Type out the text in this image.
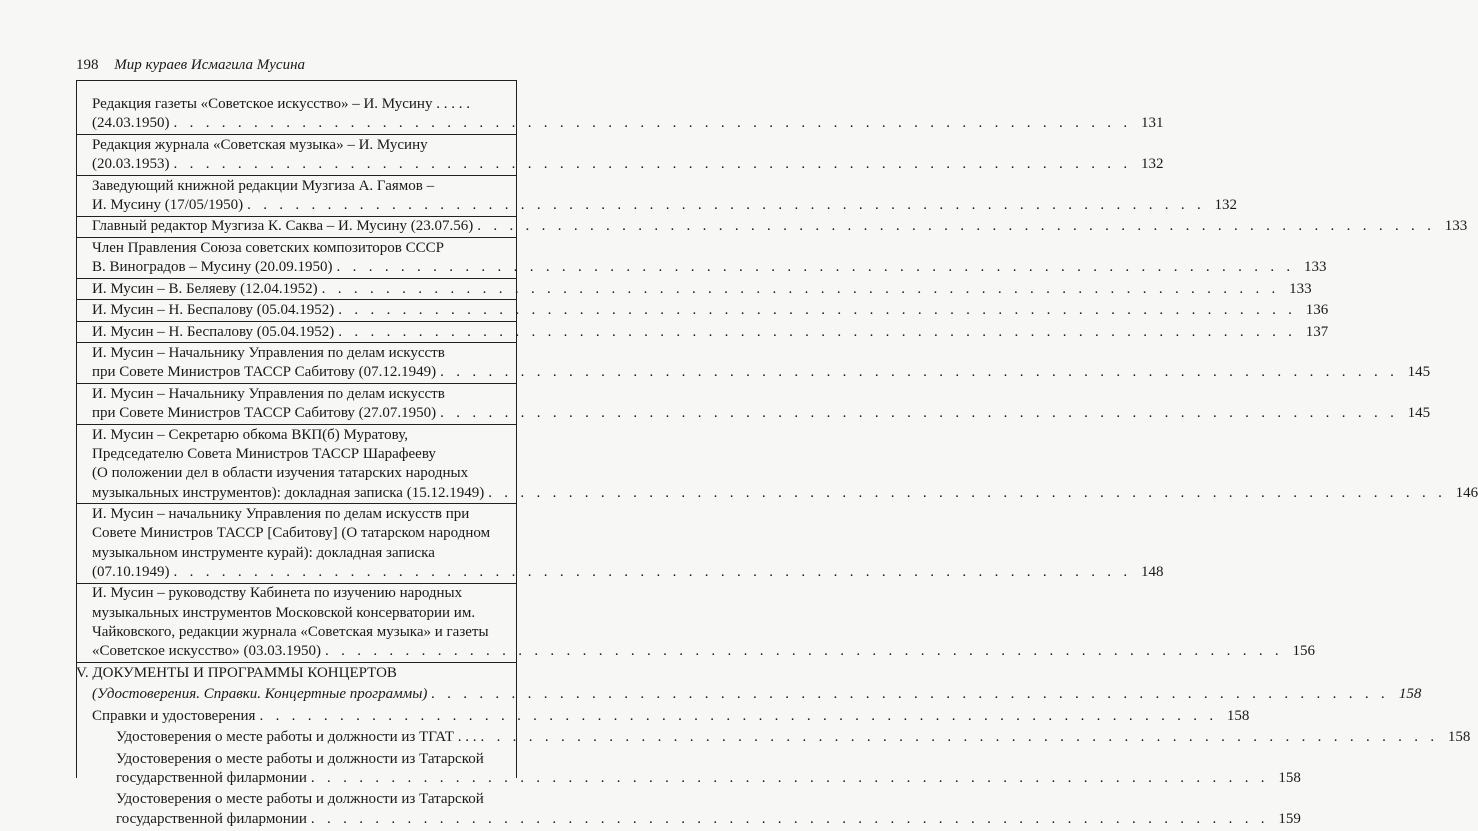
198 Мир кураев Исмагила Мусина
Редакция газеты «Советское искусство» – И. Мусину . . . . .
(24.03.1950) . . . . . . . . . . . . . . . . . . . . . . . . . . . . . . . . . . . . . . . . . . . . . . . . . . . . . . . . . . . . 131
Редакция журнала «Советская музыка» – И. Мусину
(20.03.1953) . . . . . . . . . . . . . . . . . . . . . . . . . . . . . . . . . . . . . . . . . . . . . . . . . . . . . . . . . . . . 132
Заведующий книжной редакции Музгиза А. Гаямов –
И. Мусину (17/05/1950) . . . . . . . . . . . . . . . . . . . . . . . . . . . . . . . . . . . . . . . . . . . . . . . . . . . . . . . . . . . . 132
Главный редактор Музгиза К. Саква – И. Мусину (23.07.56) . . . . . . . . . . . . . . . . . . . . . . . . . . . . . . . . . . . . . . . . . . . . . . . . . . . . . . . . . . . . 133
Член Правления Союза советских композиторов СССР
В. Виноградов – Мусину (20.09.1950) . . . . . . . . . . . . . . . . . . . . . . . . . . . . . . . . . . . . . . . . . . . . . . . . . . . . . . . . . . . . 133
И. Мусин – В. Беляеву (12.04.1952) . . . . . . . . . . . . . . . . . . . . . . . . . . . . . . . . . . . . . . . . . . . . . . . . . . . . . . . . . . . . 133
И. Мусин – Н. Беспалову (05.04.1952) . . . . . . . . . . . . . . . . . . . . . . . . . . . . . . . . . . . . . . . . . . . . . . . . . . . . . . . . . . . . 136
И. Мусин – Н. Беспалову (05.04.1952) . . . . . . . . . . . . . . . . . . . . . . . . . . . . . . . . . . . . . . . . . . . . . . . . . . . . . . . . . . . . 137
И. Мусин – Начальнику Управления по делам искусств
при Совете Министров ТАССР Сабитову (07.12.1949) . . . . . . . . . . . . . . . . . . . . . . . . . . . . . . . . . . . . . . . . . . . . . . . . . . . . . . . . . . . . 145
И. Мусин – Начальнику Управления по делам искусств
при Совете Министров ТАССР Сабитову (27.07.1950) . . . . . . . . . . . . . . . . . . . . . . . . . . . . . . . . . . . . . . . . . . . . . . . . . . . . . . . . . . . . 145
И. Мусин – Секретарю обкома ВКП(б) Муратову,
Председателю Совета Министров ТАССР Шарафееву
(О положении дел в области изучения татарских народных
музыкальных инструментов): докладная записка (15.12.1949) . . . . . . . . . . . . . . . . . . . . . . . . . . . . . . . . . . . . . . . . . . . . . . . . . . . . . . . . . . . . 146
И. Мусин – начальнику Управления по делам искусств при
Совете Министров ТАССР [Сабитову] (О татарском народном
музыкальном инструменте курай): докладная записка
(07.10.1949) . . . . . . . . . . . . . . . . . . . . . . . . . . . . . . . . . . . . . . . . . . . . . . . . . . . . . . . . . . . . 148
И. Мусин – руководству Кабинета по изучению народных
музыкальных инструментов Московской консерватории им.
Чайковского, редакции журнала «Советская музыка» и газеты
«Советское искусство» (03.03.1950) . . . . . . . . . . . . . . . . . . . . . . . . . . . . . . . . . . . . . . . . . . . . . . . . . . . . . . . . . . . . 156
V. ДОКУМЕНТЫ И ПРОГРАММЫ КОНЦЕРТОВ
(Удостоверения. Справки. Концертные программы) . . . . . . . . . . . . . . . . . . . . . . . . . . . . . . . . . . . . . . . . . . . . . . . . . . . . . . . . . . . . 158
Справки и удостоверения . . . . . . . . . . . . . . . . . . . . . . . . . . . . . . . . . . . . . . . . . . . . . . . . . . . . . . . . . . . . 158
Удостоверения о месте работы и должности из ТГАТ . . . . . . . . . . . . . . . . . . . . . . . . . . . . . . . . . . . . . . . . . . . . . . . . . . . . . . . . . . . . . . . 158
Удостоверения о месте работы и должности из Татарской
государственной филармонии . . . . . . . . . . . . . . . . . . . . . . . . . . . . . . . . . . . . . . . . . . . . . . . . . . . . . . . . . . . . 158
Удостоверения о месте работы и должности из Татарской
государственной филармонии . . . . . . . . . . . . . . . . . . . . . . . . . . . . . . . . . . . . . . . . . . . . . . . . . . . . . . . . . . . . 159
